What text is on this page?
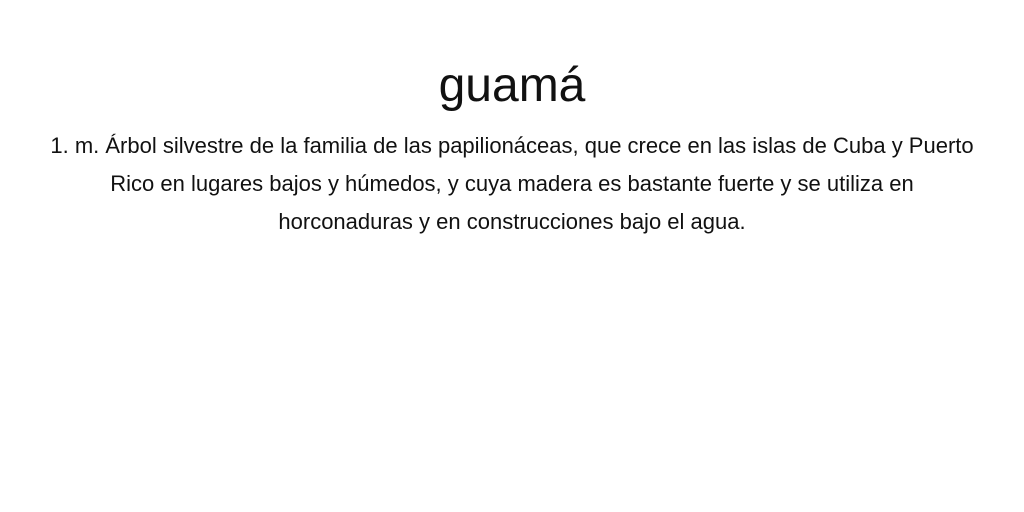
guamá

1. m. Árbol silvestre de la familia de las papilionáceas, que crece en las islas de Cuba y Puerto Rico en lugares bajos y húmedos, y cuya madera es bastante fuerte y se utiliza en horconaduras y en construcciones bajo el agua.
